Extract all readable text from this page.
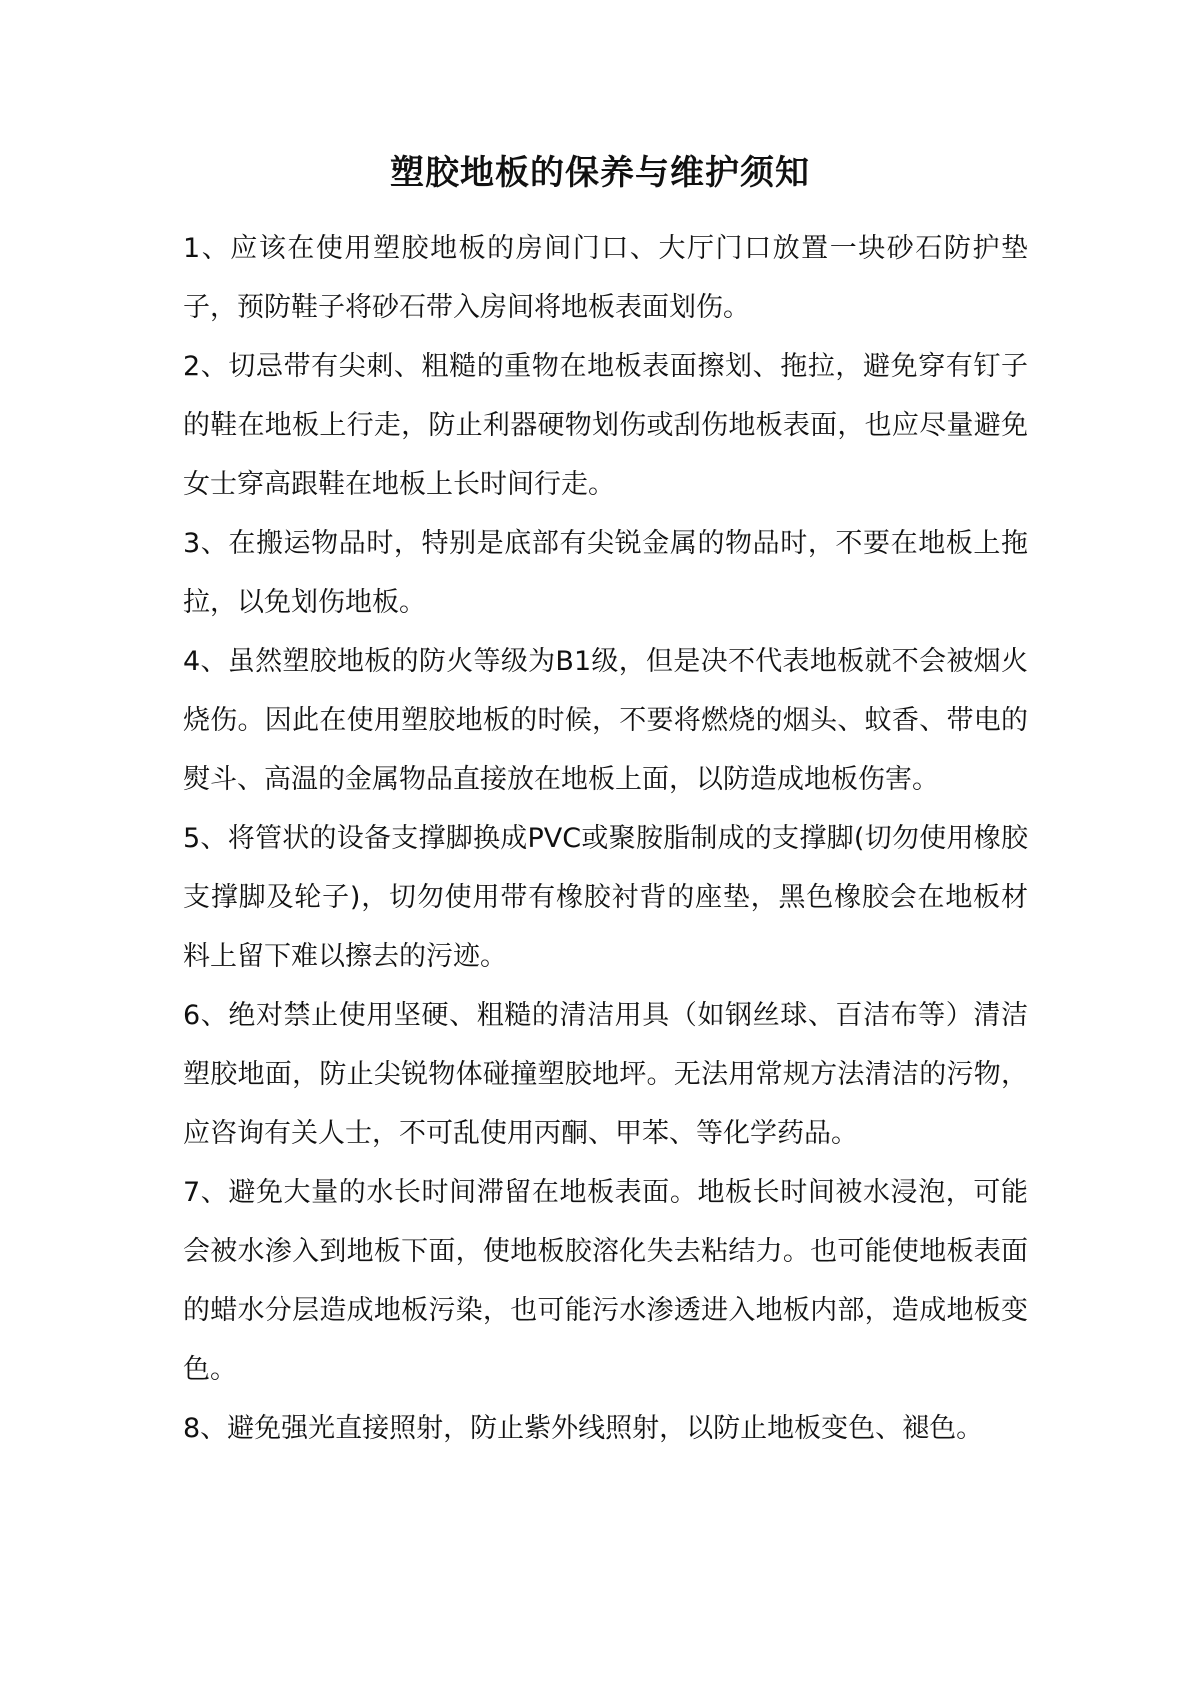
塑胶地板的保养与维护须知

1、应该在使用塑胶地板的房间门口、大厅门口放置一块砂石防护垫子，预防鞋子将砂石带入房间将地板表面划伤。

2、切忌带有尖刺、粗糙的重物在地板表面擦划、拖拉，避免穿有钉子的鞋在地板上行走，防止利器硬物划伤或刮伤地板表面，也应尽量避免女士穿高跟鞋在地板上长时间行走。

3、在搬运物品时，特别是底部有尖锐金属的物品时，不要在地板上拖拉，以免划伤地板。

4、虽然塑胶地板的防火等级为B1级，但是决不代表地板就不会被烟火烧伤。因此在使用塑胶地板的时候，不要将燃烧的烟头、蚊香、带电的熨斗、高温的金属物品直接放在地板上面，以防造成地板伤害。

5、将管状的设备支撑脚换成PVC或聚胺脂制成的支撑脚(切勿使用橡胶支撑脚及轮子)，切勿使用带有橡胶衬背的座垫，黑色橡胶会在地板材料上留下难以擦去的污迹。

6、绝对禁止使用坚硬、粗糙的清洁用具（如钢丝球、百洁布等）清洁塑胶地面，防止尖锐物体碰撞塑胶地坪。无法用常规方法清洁的污物，应咨询有关人士，不可乱使用丙酮、甲苯、等化学药品。

7、避免大量的水长时间滞留在地板表面。地板长时间被水浸泡，可能会被水渗入到地板下面，使地板胶溶化失去粘结力。也可能使地板表面的蜡水分层造成地板污染，也可能污水渗透进入地板内部，造成地板变色。

8、避免强光直接照射，防止紫外线照射，以防止地板变色、褪色。
